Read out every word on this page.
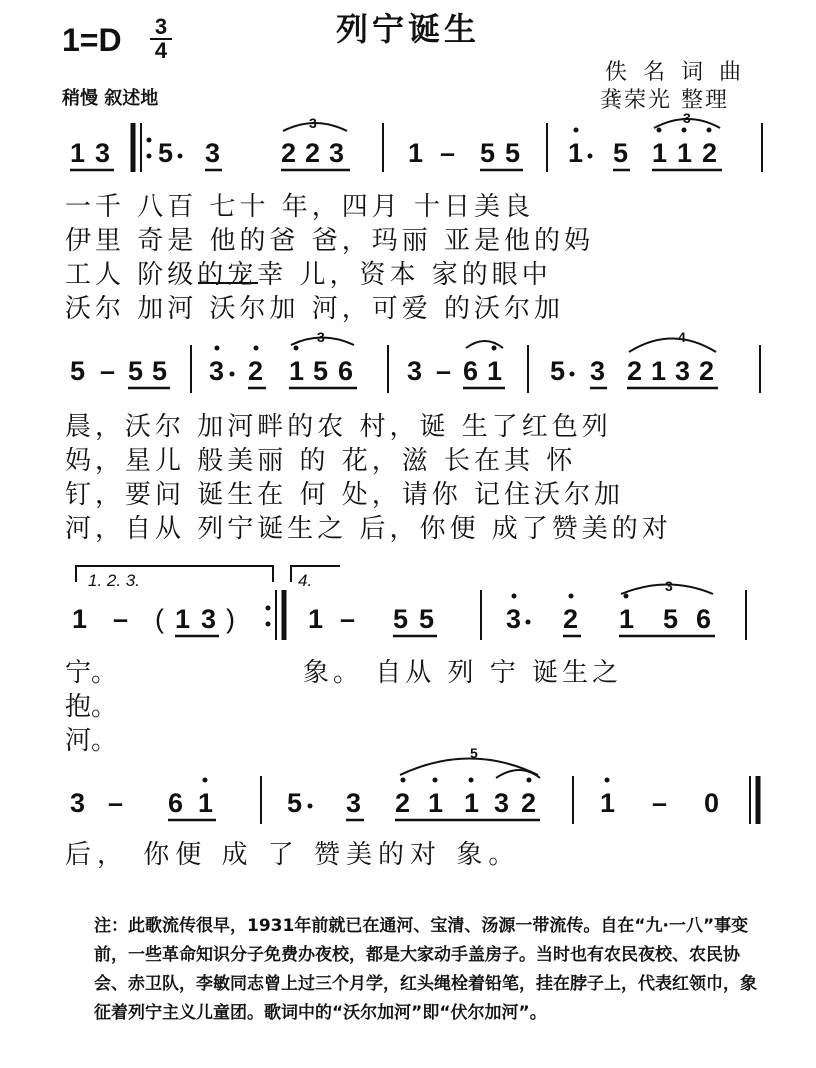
列宁诞生
1=D 3
4
稍慢 叙述地
佚名词曲
龚荣光 整理
1 3 5 3 2 2 3
3
1 – 5 5 1 5 1 1 2
3
5 – 5 5 3 2 1 5 6
3
3 – 6 1 5 3 2 1 3 2
4
1. 2. 3.	4.
1 – ( 1 3 )	1 – 5 5	3 2 1 5 6
3
3 – 6 1	5 3 2 1 1 3 2
5
1 – 0
一千 八百 七十 年，四月 十日美良
伊里 奇是 他的爸 爸，玛丽 亚是他的妈
工人 阶级的宠幸 儿，资本 家的眼中
沃尔 加河 沃尔加 河，可爱 的沃尔加
晨，沃尔 加河畔的农 村，诞 生了红色列
妈，星儿 般美丽 的 花，滋 长在其 怀
钉，要问 诞生在 何 处，请你 记住沃尔加
河，自从 列宁诞生之 后，你便 成了赞美的对
宁。
抱。
河。
象。 自从 列 宁 诞生之
后， 你便 成 了 赞美的对 象。
注：此歌流传很早，1931年前就已在通河、宝清、汤源一带流传。自在“九·一八”事变前，一些革命知识分子免费办夜校，都是大家动手盖房子。当时也有农民夜校、农民协会、赤卫队，李敏同志曾上过三个月学，红头绳栓着铅笔，挂在脖子上，代表红领巾，象征着列宁主义儿童团。歌词中的“沃尔加河”即“伏尔加河”。
